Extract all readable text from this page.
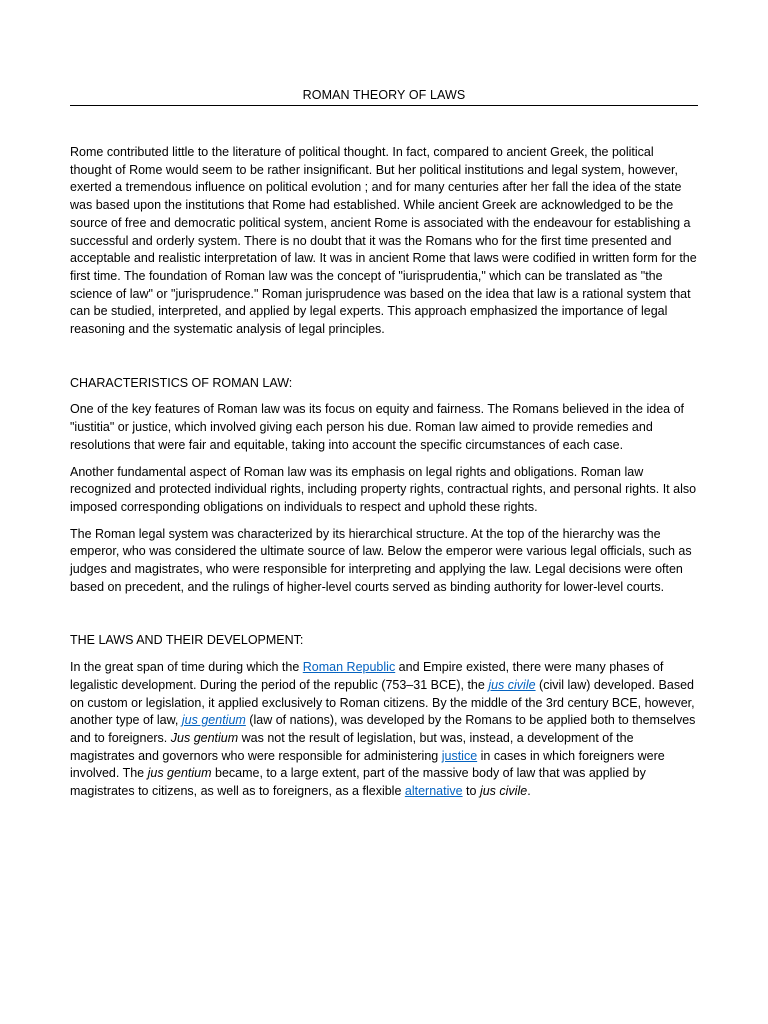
ROMAN THEORY OF LAWS

Rome contributed little to the literature of political thought. In fact, compared to ancient Greek, the political thought of Rome would seem to be rather insignificant. But her political institutions and legal system, however, exerted a tremendous influence on political evolution ; and for many centuries after her fall the idea of the state was based upon the institutions that Rome had established. While ancient Greek are acknowledged to be the source of free and democratic political system, ancient Rome is associated with the endeavour for establishing a successful and orderly system. There is no doubt that it was the Romans who for the first time presented and acceptable and realistic interpretation of law. It was in ancient Rome that laws were codified in written form for the first time. The foundation of Roman law was the concept of "iurisprudentia," which can be translated as "the science of law" or "jurisprudence." Roman jurisprudence was based on the idea that law is a rational system that can be studied, interpreted, and applied by legal experts. This approach emphasized the importance of legal reasoning and the systematic analysis of legal principles.

CHARACTERISTICS OF ROMAN LAW:

One of the key features of Roman law was its focus on equity and fairness. The Romans believed in the idea of "iustitia" or justice, which involved giving each person his due. Roman law aimed to provide remedies and resolutions that were fair and equitable, taking into account the specific circumstances of each case.

Another fundamental aspect of Roman law was its emphasis on legal rights and obligations. Roman law recognized and protected individual rights, including property rights, contractual rights, and personal rights. It also imposed corresponding obligations on individuals to respect and uphold these rights.

The Roman legal system was characterized by its hierarchical structure. At the top of the hierarchy was the emperor, who was considered the ultimate source of law. Below the emperor were various legal officials, such as judges and magistrates, who were responsible for interpreting and applying the law. Legal decisions were often based on precedent, and the rulings of higher-level courts served as binding authority for lower-level courts.

THE LAWS AND THEIR DEVELOPMENT:

In the great span of time during which the Roman Republic and Empire existed, there were many phases of legalistic development. During the period of the republic (753–31 BCE), the jus civile (civil law) developed. Based on custom or legislation, it applied exclusively to Roman citizens. By the middle of the 3rd century BCE, however, another type of law, jus gentium (law of nations), was developed by the Romans to be applied both to themselves and to foreigners. Jus gentium was not the result of legislation, but was, instead, a development of the magistrates and governors who were responsible for administering justice in cases in which foreigners were involved. The jus gentium became, to a large extent, part of the massive body of law that was applied by magistrates to citizens, as well as to foreigners, as a flexible alternative to jus civile.
